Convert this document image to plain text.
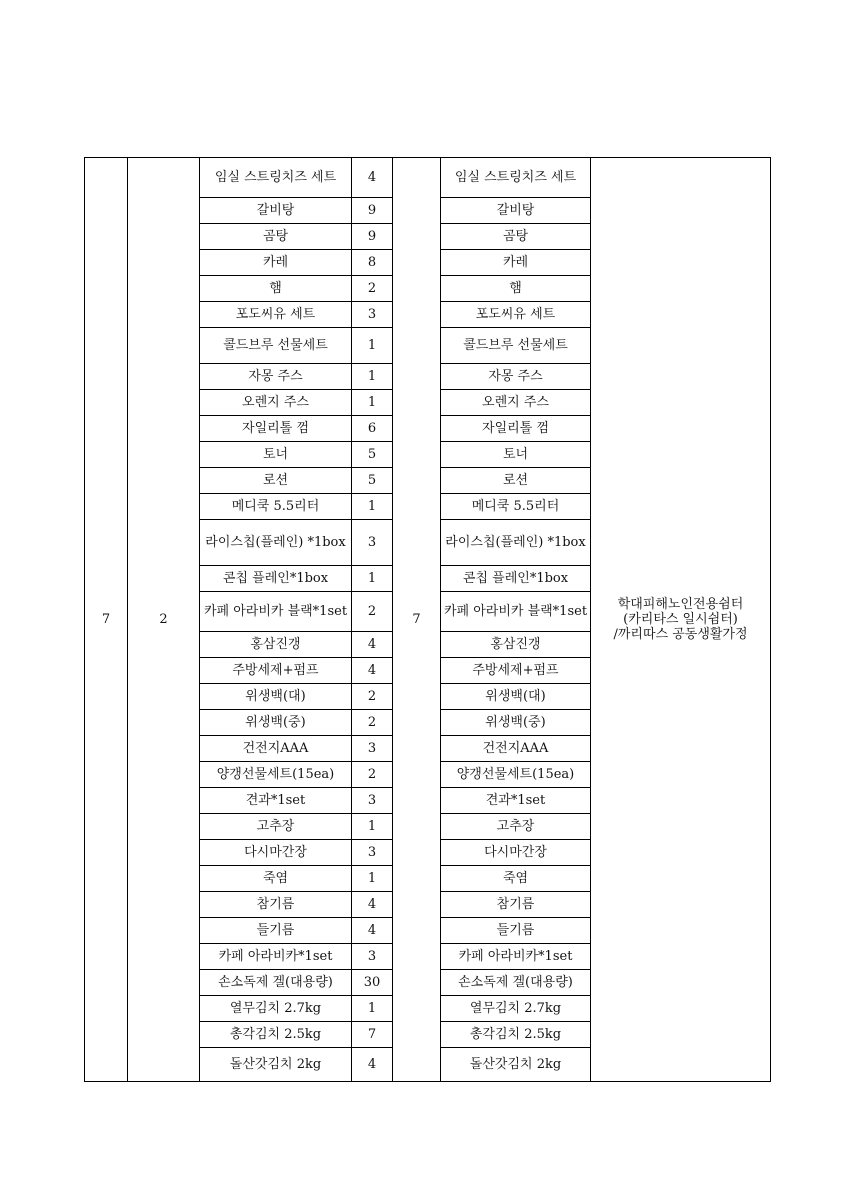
7	2	임실 스트링치즈 세트	4	7	임실 스트링치즈 세트	학대피해노인전용쉼터
(카리타스 일시쉼터)
/까리따스 공동생활가정

		갈비탕	9		갈비탕	
		곰탕	9		곰탕	
		카레	8		카레	
		햄	2		햄	
		포도씨유 세트	3		포도씨유 세트	
		콜드브루 선물세트	1		콜드브루 선물세트	
		자몽 주스	1		자몽 주스	
		오렌지 주스	1		오렌지 주스	
		자일리톨 껌	6		자일리톨 껌	
		토너	5		토너	
		로션	5		로션	
		메디쿡 5.5리터	1		메디쿡 5.5리터	
		라이스칩(플레인) *1box	3		라이스칩(플레인) *1box	
		콘칩 플레인*1box	1		콘칩 플레인*1box	
		카페 아라비카 블랙*1set	2		카페 아라비카 블랙*1set	
		홍삼진갱	4		홍삼진갱	
		주방세제+펌프	4		주방세제+펌프	
		위생백(대)	2		위생백(대)	
		위생백(중)	2		위생백(중)	
		건전지AAA	3		건전지AAA	
		양갱선물세트(15ea)	2		양갱선물세트(15ea)	
		견과*1set	3		견과*1set	
		고추장	1		고추장	
		다시마간장	3		다시마간장	
		죽염	1		죽염	
		참기름	4		참기름	
		들기름	4		들기름	
		카페 아라비카*1set	3		카페 아라비카*1set	
		손소독제 겔(대용량)	30		손소독제 겔(대용량)	
		열무김치 2.7kg	1		열무김치 2.7kg	
		총각김치 2.5kg	7		총각김치 2.5kg	
		돌산갓김치 2kg	4		돌산갓김치 2kg	
